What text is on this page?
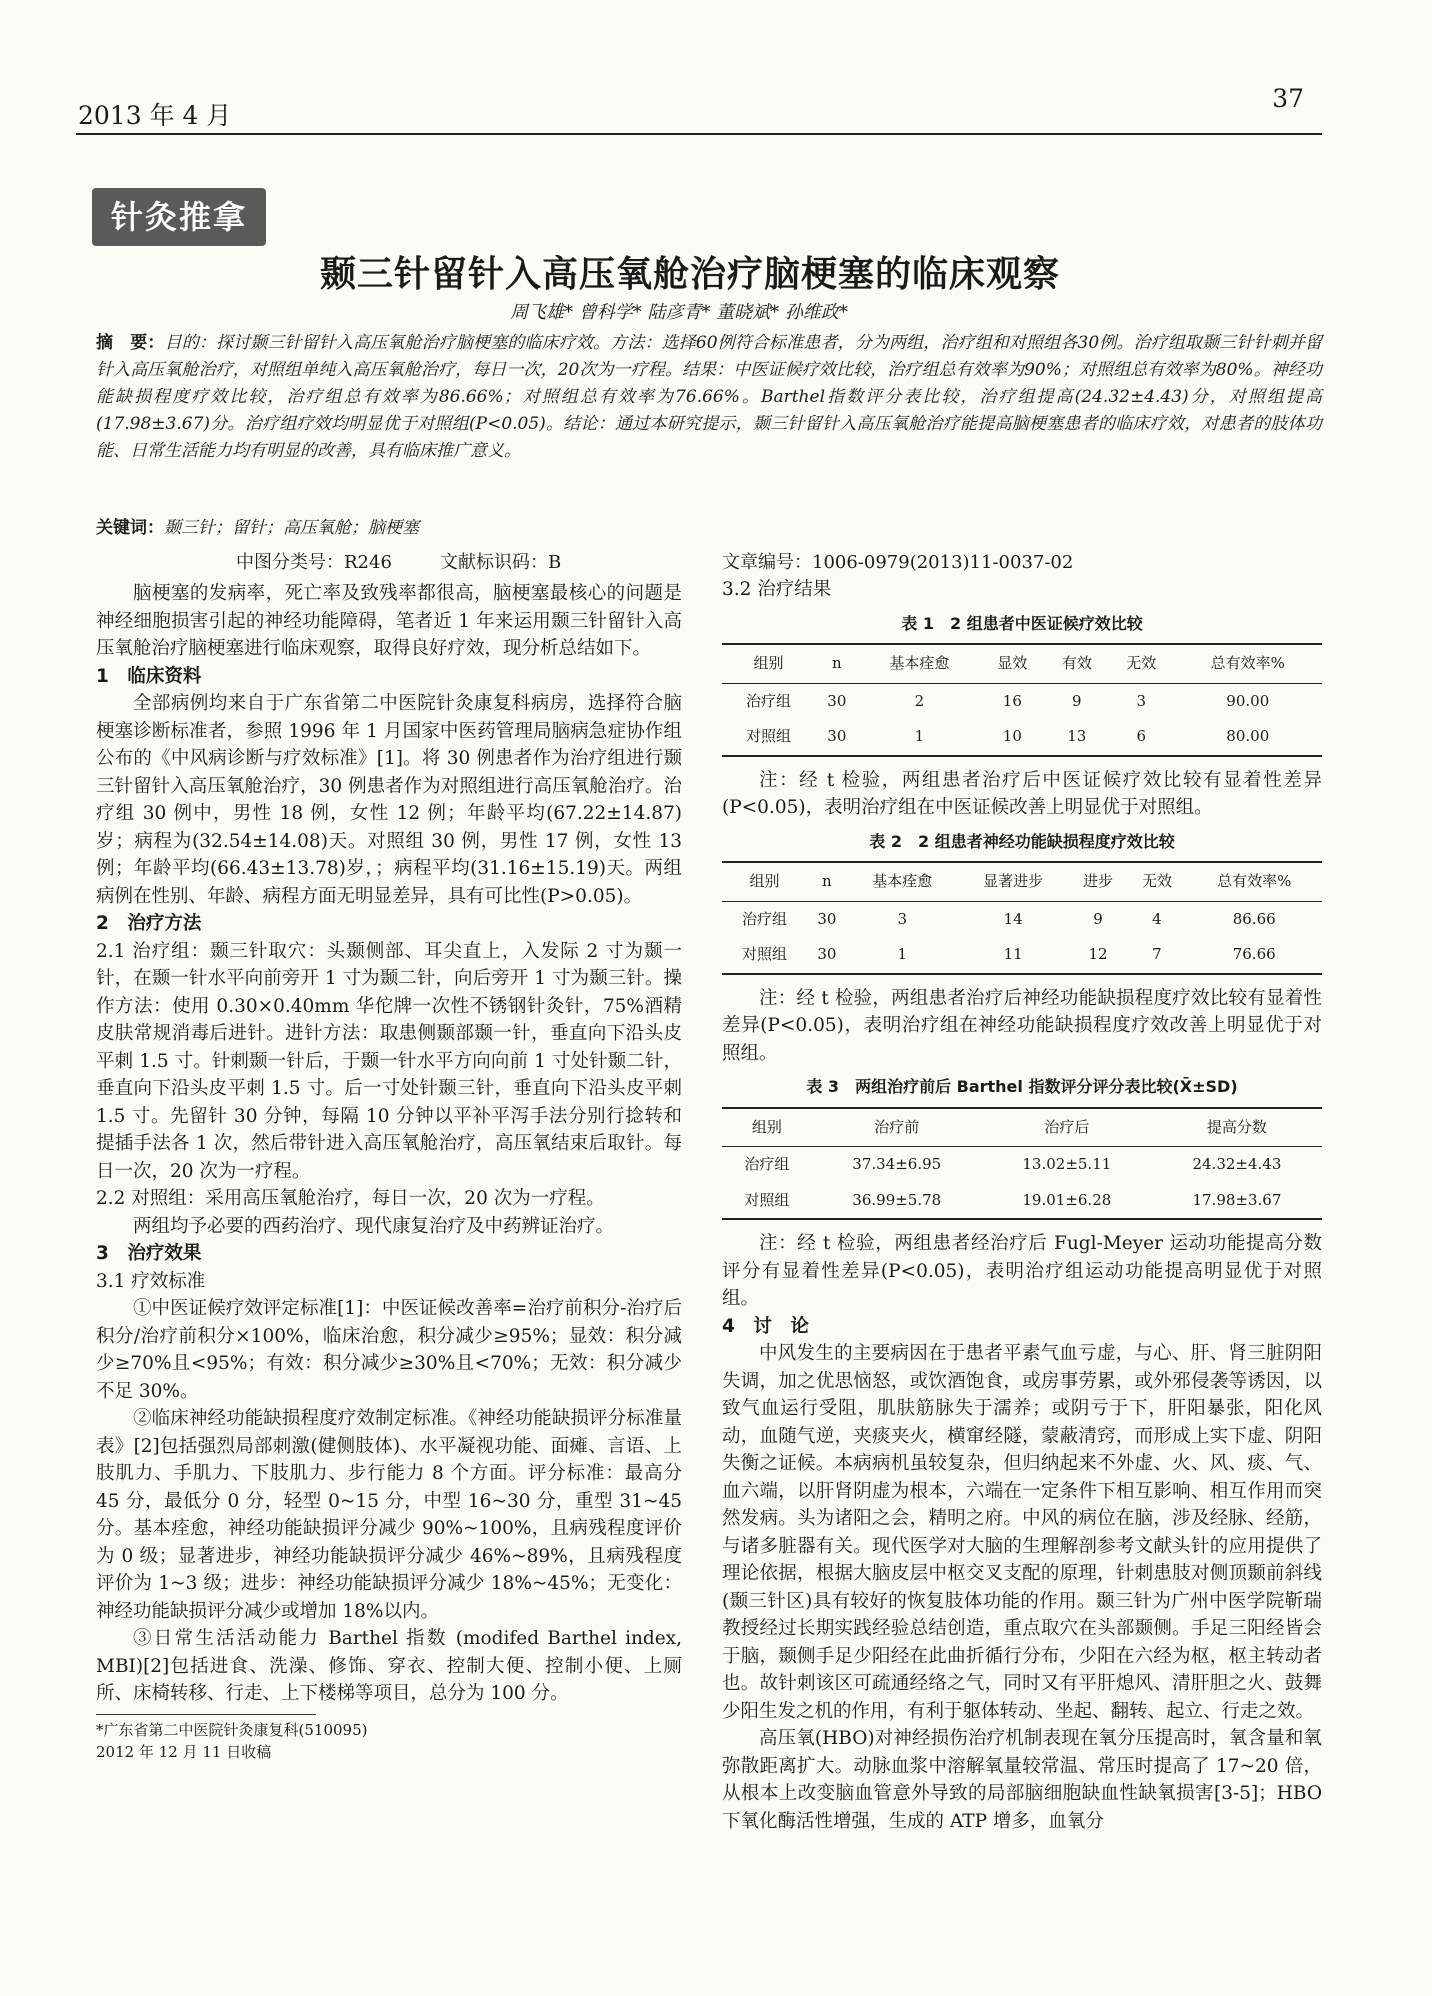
2013 年 4 月
37
针灸推拿
颞三针留针入高压氧舱治疗脑梗塞的临床观察
周飞雄* 曾科学* 陆彦青* 董晓斌* 孙维政*
摘　要：目的：探讨颞三针留针入高压氧舱治疗脑梗塞的临床疗效。方法：选择60例符合标准患者，分为两组，治疗组和对照组各30例。治疗组取颞三针针刺并留针入高压氧舱治疗，对照组单纯入高压氧舱治疗，每日一次，20次为一疗程。结果：中医证候疗效比较，治疗组总有效率为90%；对照组总有效率为80%。神经功能缺损程度疗效比较，治疗组总有效率为86.66%；对照组总有效率为76.66%。Barthel指数评分表比较，治疗组提高(24.32±4.43)分，对照组提高(17.98±3.67)分。治疗组疗效均明显优于对照组(P<0.05)。结论：通过本研究提示，颞三针留针入高压氧舱治疗能提高脑梗塞患者的临床疗效，对患者的肢体功能、日常生活能力均有明显的改善，具有临床推广意义。
关键词：颞三针；留针；高压氧舱；脑梗塞
中图分类号：R246	文献标识码：B	文章编号：1006-0979(2013)11-0037-02

脑梗塞的发病率，死亡率及致残率都很高，脑梗塞最核心的问题是神经细胞损害引起的神经功能障碍，笔者近 1 年来运用颞三针留针入高压氧舱治疗脑梗塞进行临床观察，取得良好疗效，现分析总结如下。

1　临床资料

全部病例均来自于广东省第二中医院针灸康复科病房，选择符合脑梗塞诊断标准者，参照 1996 年 1 月国家中医药管理局脑病急症协作组公布的《中风病诊断与疗效标准》[1]。将 30 例患者作为治疗组进行颞三针留针入高压氧舱治疗，30 例患者作为对照组进行高压氧舱治疗。治疗组 30 例中，男性 18 例，女性 12 例；年龄平均(67.22±14.87)岁；病程为(32.54±14.08)天。对照组 30 例，男性 17 例，女性 13 例；年龄平均(66.43±13.78)岁，；病程平均(31.16±15.19)天。两组病例在性别、年龄、病程方面无明显差异，具有可比性(P>0.05)。

2　治疗方法

2.1 治疗组：颞三针取穴：头颞侧部、耳尖直上，入发际 2 寸为颞一针，在颞一针水平向前旁开 1 寸为颞二针，向后旁开 1 寸为颞三针。操作方法：使用 0.30×0.40mm 华佗牌一次性不锈钢针灸针，75%酒精皮肤常规消毒后进针。进针方法：取患侧颞部颞一针，垂直向下沿头皮平刺 1.5 寸。针刺颞一针后，于颞一针水平方向向前 1 寸处针颞二针，垂直向下沿头皮平刺 1.5 寸。后一寸处针颞三针，垂直向下沿头皮平刺 1.5 寸。先留针 30 分钟，每隔 10 分钟以平补平泻手法分别行捻转和提插手法各 1 次，然后带针进入高压氧舱治疗，高压氧结束后取针。每日一次，20 次为一疗程。

2.2 对照组：采用高压氧舱治疗，每日一次，20 次为一疗程。

两组均予必要的西药治疗、现代康复治疗及中药辨证治疗。

3　治疗效果
3.1 疗效标准

①中医证候疗效评定标准[1]：中医证候改善率=治疗前积分-治疗后积分/治疗前积分×100%，临床治愈，积分减少≥95%；显效：积分减少≥70%且<95%；有效：积分减少≥30%且<70%；无效：积分减少不足 30%。

②临床神经功能缺损程度疗效制定标准。《神经功能缺损评分标准量表》[2]包括强烈局部刺激(健侧肢体)、水平凝视功能、面瘫、言语、上肢肌力、手肌力、下肢肌力、步行能力 8 个方面。评分标准：最高分 45 分，最低分 0 分，轻型 0~15 分，中型 16~30 分，重型 31~45 分。基本痊愈，神经功能缺损评分减少 90%~100%，且病残程度评价为 0 级；显著进步，神经功能缺损评分减少 46%~89%，且病残程度评价为 1~3 级；进步：神经功能缺损评分减少 18%~45%；无变化：神经功能缺损评分减少或增加 18%以内。

③日常生活活动能力 Barthel 指数 (modifed Barthel index, MBI)[2]包括进食、洗澡、修饰、穿衣、控制大便、控制小便、上厕所、床椅转移、行走、上下楼梯等项目，总分为 100 分。

*广东省第二中医院针灸康复科(510095)

2012 年 12 月 11 日收稿

3.2 治疗结果
表 1　2 组患者中医证候疗效比较
组别	n	基本痊愈	显效	有效	无效	总有效率%
治疗组	30	2	16	9	3	90.00
对照组	30	1	10	13	6	80.00

注：经 t 检验，两组患者治疗后中医证候疗效比较有显着性差异(P<0.05)，表明治疗组在中医证候改善上明显优于对照组。

表 2　2 组患者神经功能缺损程度疗效比较
组别	n	基本痊愈	显著进步	进步	无效	总有效率%
治疗组	30	3	14	9	4	86.66
对照组	30	1	11	12	7	76.66

注：经 t 检验，两组患者治疗后神经功能缺损程度疗效比较有显着性差异(P<0.05)，表明治疗组在神经功能缺损程度疗效改善上明显优于对照组。

表 3　两组治疗前后 Barthel 指数评分评分表比较(X̄±SD)
组别	治疗前	治疗后	提高分数
治疗组	37.34±6.95	13.02±5.11	24.32±4.43
对照组	36.99±5.78	19.01±6.28	17.98±3.67

注：经 t 检验，两组患者经治疗后 Fugl-Meyer 运动功能提高分数评分有显着性差异(P<0.05)，表明治疗组运动功能提高明显优于对照组。

4　讨　论

中风发生的主要病因在于患者平素气血亏虚，与心、肝、肾三脏阴阳失调，加之优思恼怒，或饮酒饱食，或房事劳累，或外邪侵袭等诱因，以致气血运行受阻，肌肤筋脉失于濡养；或阴亏于下，肝阳暴张，阳化风动，血随气逆，夹痰夹火，横窜经隧，蒙蔽清窍，而形成上实下虚、阴阳失衡之证候。本病病机虽较复杂，但归纳起来不外虚、火、风、痰、气、血六端，以肝肾阴虚为根本，六端在一定条件下相互影响、相互作用而突然发病。头为诸阳之会，精明之府。中风的病位在脑，涉及经脉、经筋，与诸多脏器有关。现代医学对大脑的生理解剖参考文献头针的应用提供了理论依据，根据大脑皮层中枢交叉支配的原理，针刺患肢对侧顶颞前斜线(颞三针区)具有较好的恢复肢体功能的作用。颞三针为广州中医学院靳瑞教授经过长期实践经验总结创造，重点取穴在头部颞侧。手足三阳经皆会于脑，颞侧手足少阳经在此曲折循行分布，少阳在六经为枢，枢主转动者也。故针刺该区可疏通经络之气，同时又有平肝熄风、清肝胆之火、鼓舞少阳生发之机的作用，有利于躯体转动、坐起、翻转、起立、行走之效。

高压氧(HBO)对神经损伤治疗机制表现在氧分压提高时，氧含量和氧弥散距离扩大。动脉血浆中溶解氧量较常温、常压时提高了 17~20 倍，从根本上改变脑血管意外导致的局部脑细胞缺血性缺氧损害[3-5]；HBO 下氧化酶活性增强，生成的 ATP 增多，血氧分
